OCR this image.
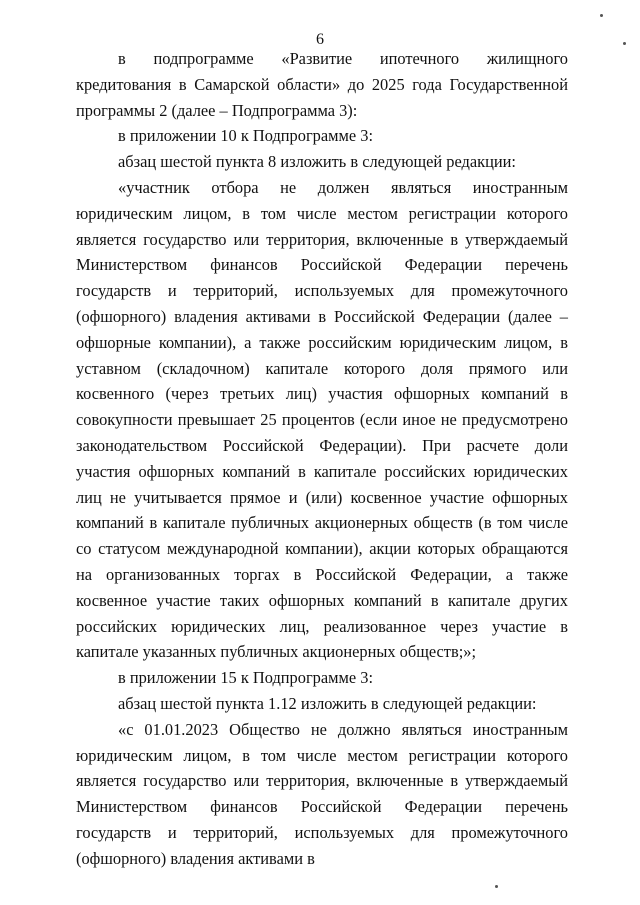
6

в подпрограмме «Развитие ипотечного жилищного кредитования в Самарской области» до 2025 года Государственной программы 2 (далее – Подпрограмма 3):

в приложении 10 к Подпрограмме 3:

абзац шестой пункта 8 изложить в следующей редакции:

«участник отбора не должен являться иностранным юридическим лицом, в том числе местом регистрации которого является государство или территория, включенные в утверждаемый Министерством финансов Российской Федерации перечень государств и территорий, используемых для промежуточного (офшорного) владения активами в Российской Федерации (далее – офшорные компании), а также российским юридическим лицом, в уставном (складочном) капитале которого доля прямого или косвенного (через третьих лиц) участия офшорных компаний в совокупности превышает 25 процентов (если иное не предусмотрено законодательством Российской Федерации). При расчете доли участия офшорных компаний в капитале российских юридических лиц не учитывается прямое и (или) косвенное участие офшорных компаний в капитале публичных акционерных обществ (в том числе со статусом международной компании), акции которых обращаются на организованных торгах в Российской Федерации, а также косвенное участие таких офшорных компаний в капитале других российских юридических лиц, реализованное через участие в капитале указанных публичных акционерных обществ;»;

в приложении 15 к Подпрограмме 3:

абзац шестой пункта 1.12 изложить в следующей редакции:

«с 01.01.2023 Общество не должно являться иностранным юридическим лицом, в том числе местом регистрации которого является государство или территория, включенные в утверждаемый Министерством финансов Российской Федерации перечень государств и территорий, используемых для промежуточного (офшорного) владения активами в
